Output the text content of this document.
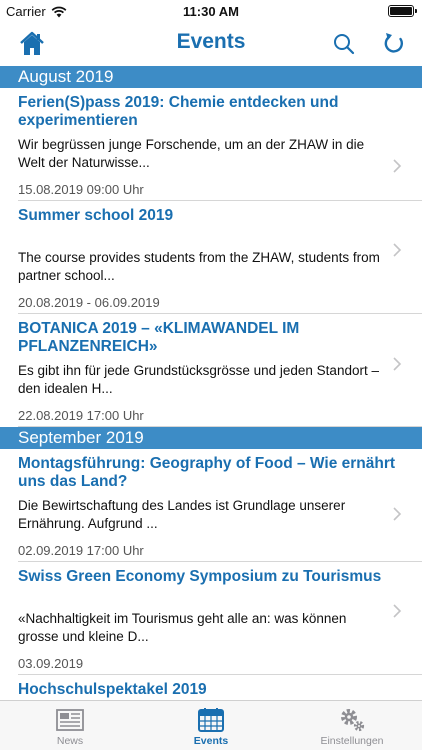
Carrier	11:30 AM
Events
August 2019
Ferien(S)pass 2019: Chemie entdecken und experimentieren
Wir begrüssen junge Forschende, um an der ZHAW in die Welt der Naturwisse...
15.08.2019 09:00 Uhr
Summer school 2019
The course provides students from the ZHAW, students from partner school...
20.08.2019 - 06.09.2019
BOTANICA 2019 – «KLIMAWANDEL IM PFLANZENREICH»
Es gibt ihn für jede Grundstücksgrösse und jeden Standort – den idealen H...
22.08.2019 17:00 Uhr
September 2019
Montagsführung: Geography of Food – Wie ernährt uns das Land?
Die Bewirtschaftung des Landes ist Grundlage unserer Ernährung. Aufgrund ...
02.09.2019 17:00 Uhr
Swiss Green Economy Symposium zu Tourismus
«Nachhaltigkeit im Tourismus geht alle an: was können grosse und kleine D...
03.09.2019
Hochschulspektakel 2019
News	Events	Einstellungen
